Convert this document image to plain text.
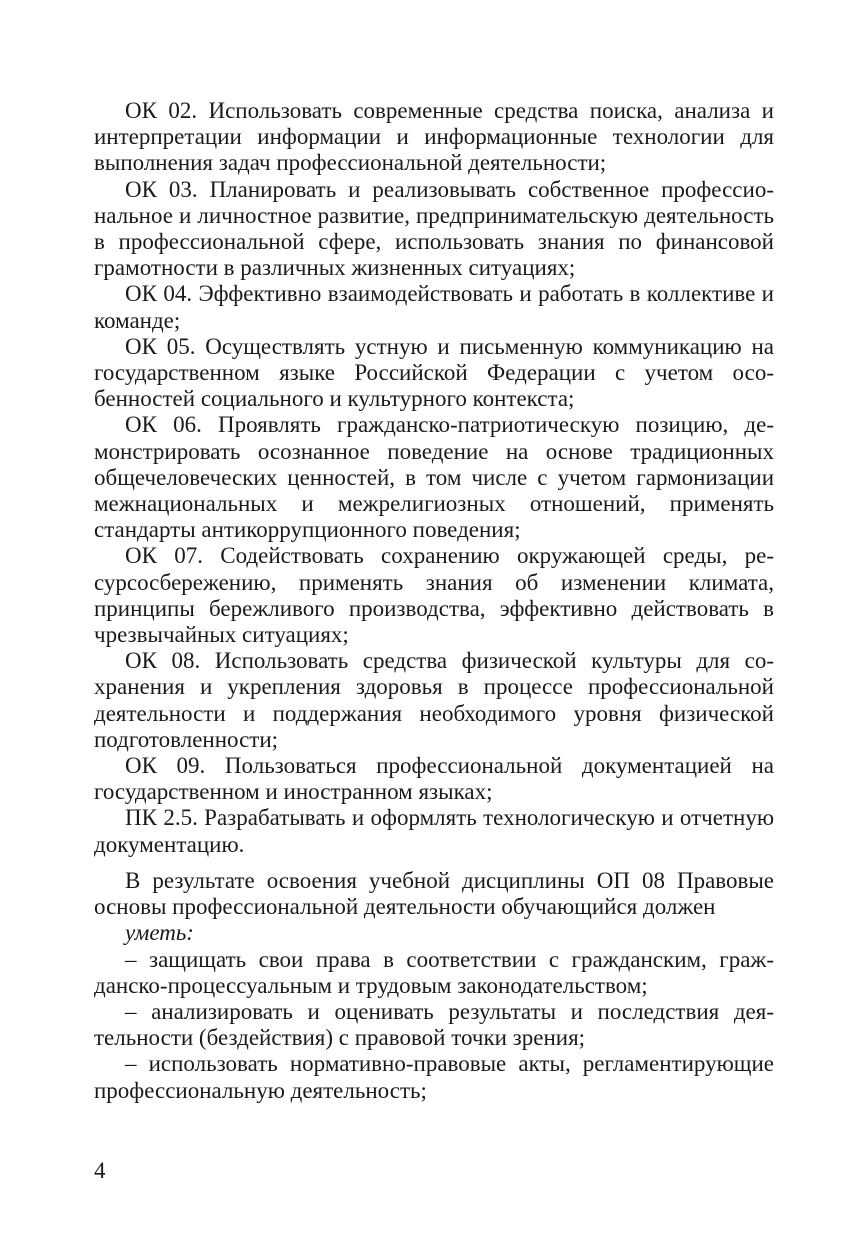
ОК 02. Использовать современные средства поиска, анализа и интерпретации информации и информационные технологии для выполнения задач профессиональной деятельности;

ОК 03. Планировать и реализовывать собственное профессиональное и личностное развитие, предпринимательскую деятельность в профессиональной сфере, использовать знания по финансовой грамотности в различных жизненных ситуациях;

ОК 04. Эффективно взаимодействовать и работать в коллективе и команде;

ОК 05. Осуществлять устную и письменную коммуникацию на государственном языке Российской Федерации с учетом особенностей социального и культурного контекста;

ОК 06. Проявлять гражданско-патриотическую позицию, демонстрировать осознанное поведение на основе традиционных общечеловеческих ценностей, в том числе с учетом гармонизации межнациональных и межрелигиозных отношений, применять стандарты антикоррупционного поведения;

ОК 07. Содействовать сохранению окружающей среды, ресурсосбережению, применять знания об изменении климата, принципы бережливого производства, эффективно действовать в чрезвычайных ситуациях;

ОК 08. Использовать средства физической культуры для сохранения и укрепления здоровья в процессе профессиональной деятельности и поддержания необходимого уровня физической подготовленности;

ОК 09. Пользоваться профессиональной документацией на государственном и иностранном языках;

ПК 2.5. Разрабатывать и оформлять технологическую и отчетную документацию.

В результате освоения учебной дисциплины ОП 08 Правовые основы профессиональной деятельности обучающийся должен

уметь:

– защищать свои права в соответствии с гражданским, гражданско-процессуальным и трудовым законодательством;

– анализировать и оценивать результаты и последствия деятельности (бездействия) с правовой точки зрения;

– использовать нормативно-правовые акты, регламентирующие профессиональную деятельность;

4
